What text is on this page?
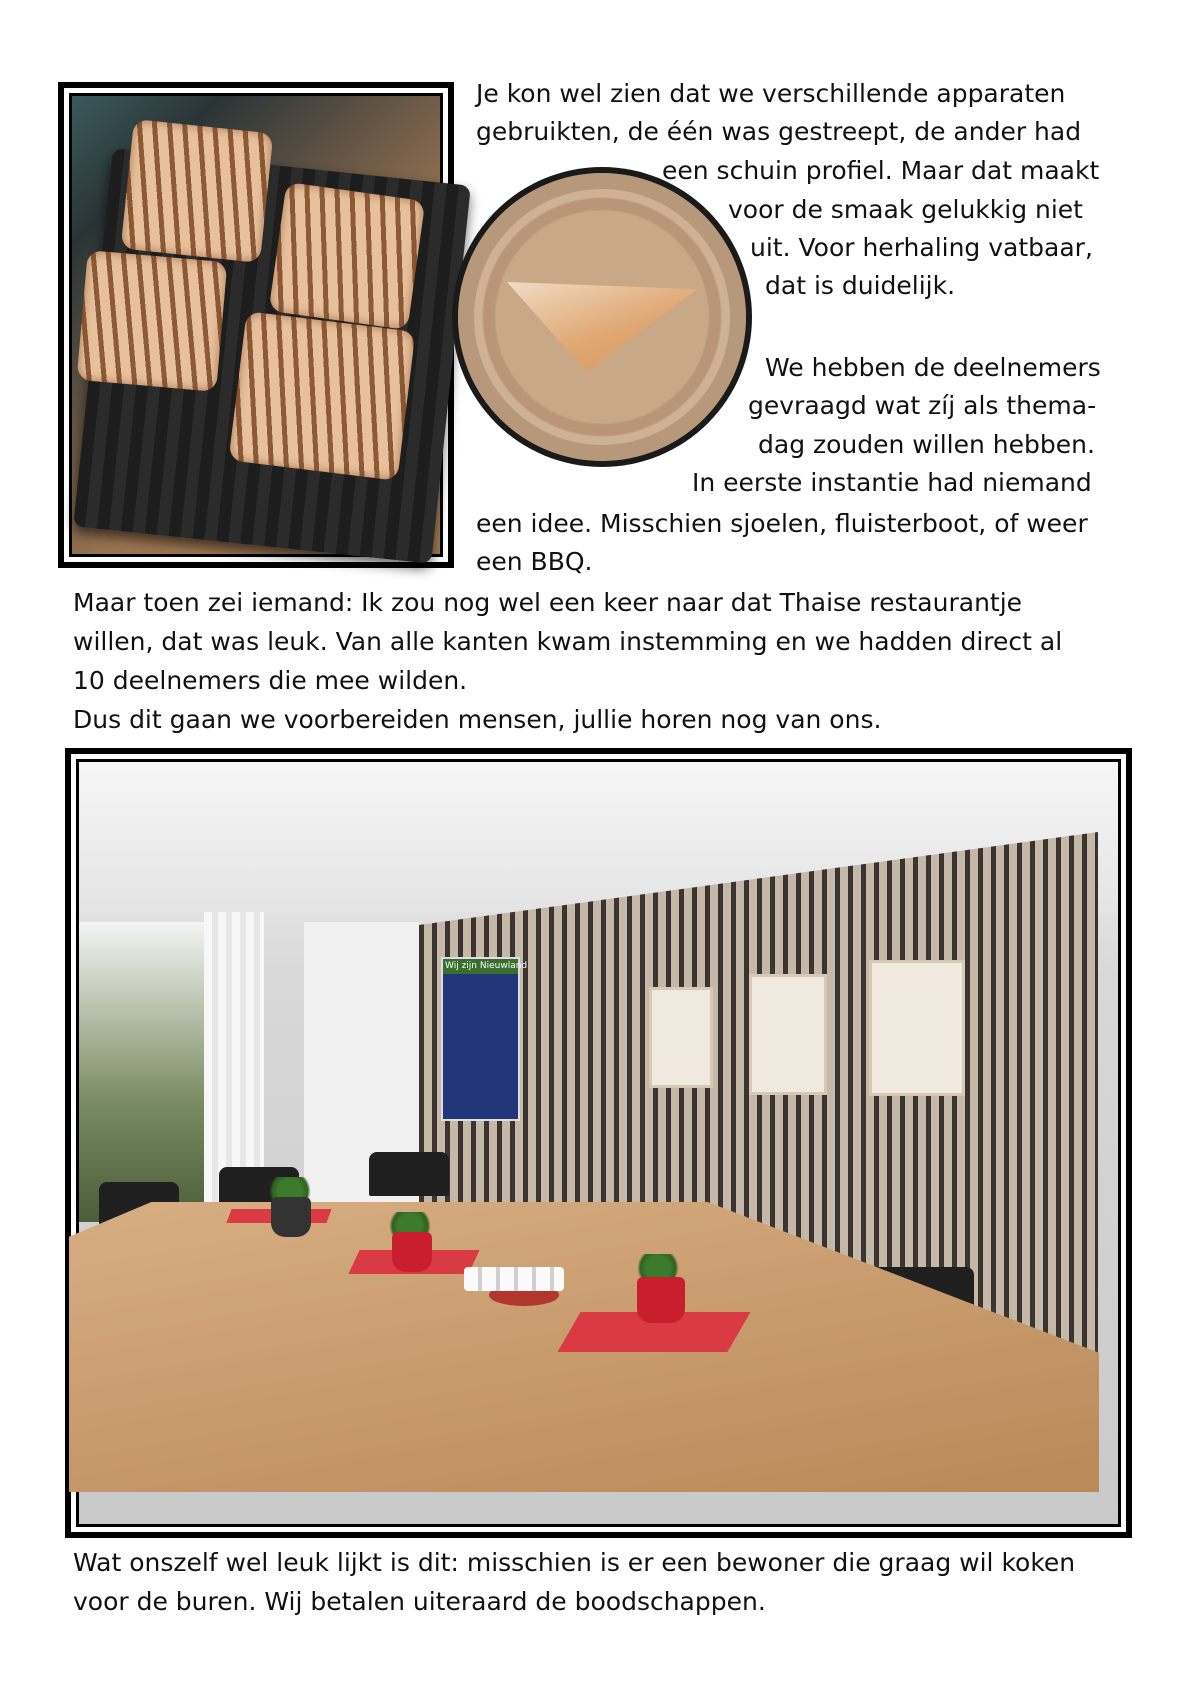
Je kon wel zien dat we verschillende apparaten
gebruikten, de één was gestreept, de ander had
een schuin profiel. Maar dat maakt
voor de smaak gelukkig niet
uit. Voor herhaling vatbaar,
dat is duidelijk.
We hebben de deelnemers
gevraagd wat zíj als thema-
dag zouden willen hebben.
In eerste instantie had niemand
een idee. Misschien sjoelen, fluisterboot, of weer
een BBQ.
Maar toen zei iemand: Ik zou nog wel een keer naar dat Thaise restaurantje
willen, dat was leuk. Van alle kanten kwam instemming en we hadden direct al
10 deelnemers die mee wilden.
Dus dit gaan we voorbereiden mensen, jullie horen nog van ons.
Wij zijn Nieuwland
Wat onszelf wel leuk lijkt is dit: misschien is er een bewoner die graag wil koken
voor de buren. Wij betalen uiteraard de boodschappen.
